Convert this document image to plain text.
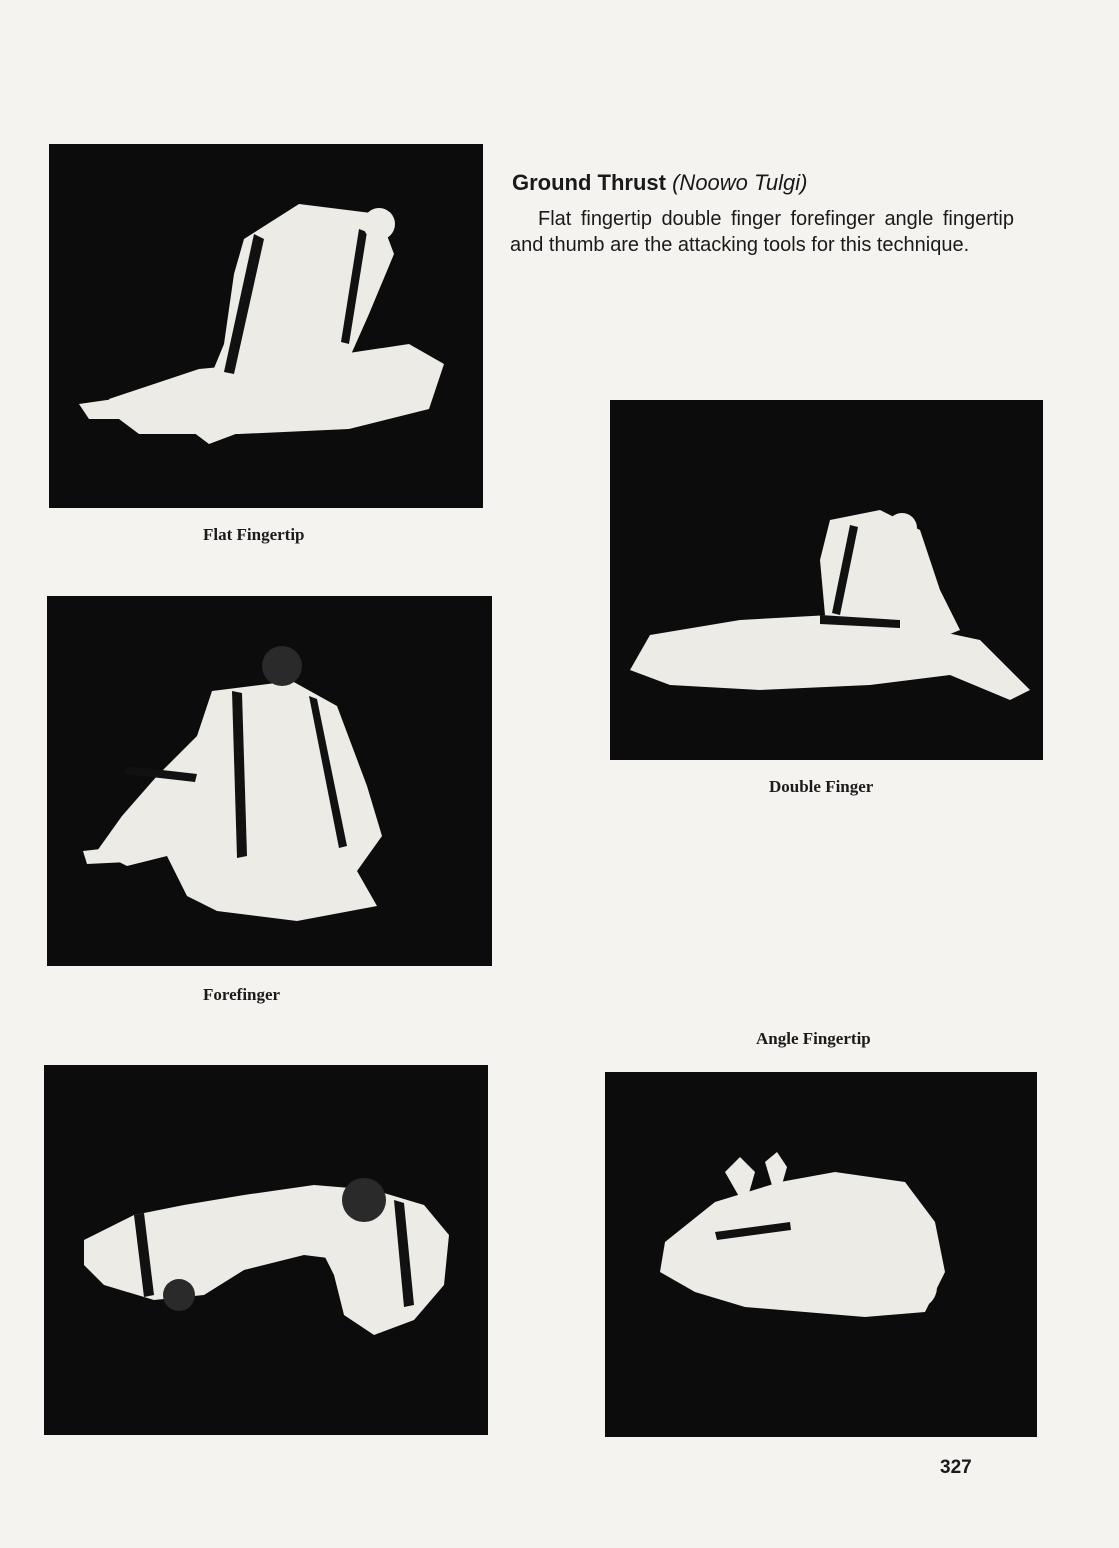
Ground Thrust (Noowo Tulgi)
Flat fingertip double finger forefinger angle fingertip and thumb are the attacking tools for this technique.
Flat Fingertip
Double Finger
Forefinger
Angle Fingertip
327
